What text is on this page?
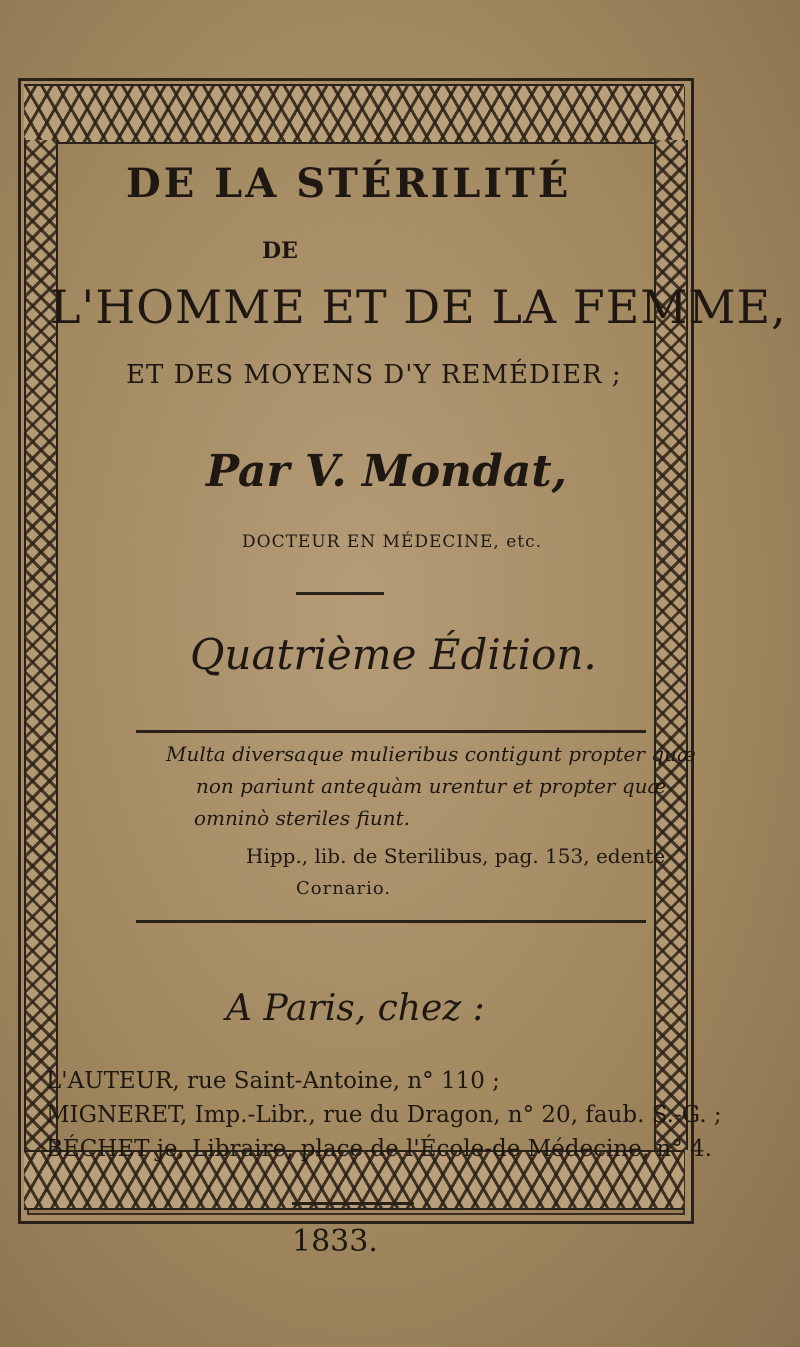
DE LA STÉRILITÉ
DE
L'HOMME ET DE LA FEMME,
ET DES MOYENS D'Y REMÉDIER ;
Par V. Mondat,
DOCTEUR EN MÉDECINE, etc.
Quatrième Édition.
Multa diversaque mulieribus contigunt propter quæ
non pariunt antequàm urentur et propter quæ
omninò steriles fiunt.
Hipp., lib. de Sterilibus, pag. 153, edente
Cornario.
A Paris, chez :
L'AUTEUR, rue Saint-Antoine, n° 110 ;
MIGNERET, Imp.-Libr., rue du Dragon, n° 20, faub. S.-G. ;
BÉCHET je, Libraire, place de l'École-de Médecine, n° 4.
1833.
